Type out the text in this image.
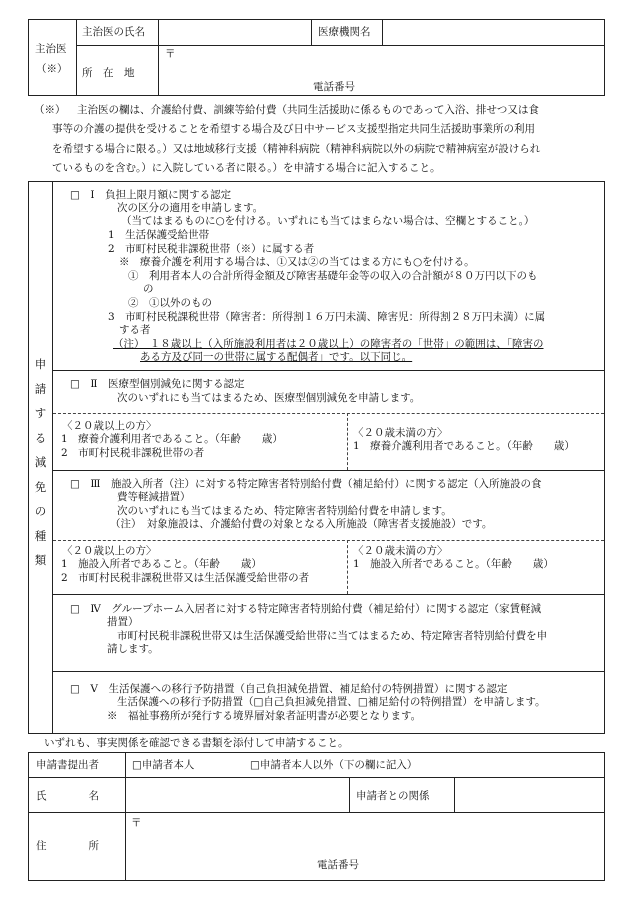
主治医
（※）
主治医の氏名	医療機関名
所　在　地
〒
電話番号
（※） 主治医の欄は、介護給付費、訓練等給付費（共同生活援助に係るものであって入浴、排せつ又は食
事等の介護の提供を受けることを希望する場合及び日中サービス支援型指定共同生活援助事業所の利用
を希望する場合に限る。）又は地域移行支援（精神科病院（精神科病院以外の病院で精神病室が設けられ
ているものを含む。）に入院している者に限る。）を申請する場合に記入すること。
申
請
す
る
減
免
の
種
類
□　Ⅰ　負担上限月額に関する認定
次の区分の適用を申請します。
（当てはまるものに○を付ける。いずれにも当てはまらない場合は、空欄とすること。）
1　生活保護受給世帯
2　市町村民税非課税世帯（※）に属する者
※　療養介護を利用する場合は、①又は②の当てはまる方にも○を付ける。
①　利用者本人の合計所得金額及び障害基礎年金等の収入の合計額が８０万円以下のも
の
②　①以外のもの
3　市町村民税課税世帯（障害者：所得割１６万円未満、障害児：所得割２８万円未満）に属
する者
（注）　１８歳以上（入所施設利用者は２０歳以上）の障害者の「世帯」の範囲は、「障害の
ある方及び同一の世帯に属する配偶者」です。以下同じ。
□　Ⅱ　医療型個別減免に関する認定
次のいずれにも当てはまるため、医療型個別減免を申請します。
〈２０歳以上の方〉
1　療養介護利用者であること。（年齢　　歳）
2　市町村民税非課税世帯の者
〈２０歳未満の方〉
1　療養介護利用者であること。（年齢　　歳）
□　Ⅲ　施設入所者（注）に対する特定障害者特別給付費（補足給付）に関する認定（入所施設の食
費等軽減措置）
次のいずれにも当てはまるため、特定障害者特別給付費を申請します。
（注）　対象施設は、介護給付費の対象となる入所施設（障害者支援施設）です。
〈２０歳以上の方〉
1　施設入所者であること。（年齢　　歳）
2　市町村民税非課税世帯又は生活保護受給世帯の者
〈２０歳未満の方〉
1　施設入所者であること。（年齢　　歳）
□　Ⅳ　グループホーム入居者に対する特定障害者特別給付費（補足給付）に関する認定（家賃軽減
措置）
市町村民税非課税世帯又は生活保護受給世帯に当てはまるため、特定障害者特別給付費を申
請します。
□　Ⅴ　生活保護への移行予防措置（自己負担減免措置、補足給付の特例措置）に関する認定
生活保護への移行予防措置（□自己負担減免措置、□補足給付の特例措置）を申請します。
※　福祉事務所が発行する境界層対象者証明書が必要となります。
いずれも、事実関係を確認できる書類を添付して申請すること。
申請書提出者	□申請者本人	□申請者本人以外（下の欄に記入）
氏　　　　名	申請者との関係
住　　　　所
〒
電話番号
